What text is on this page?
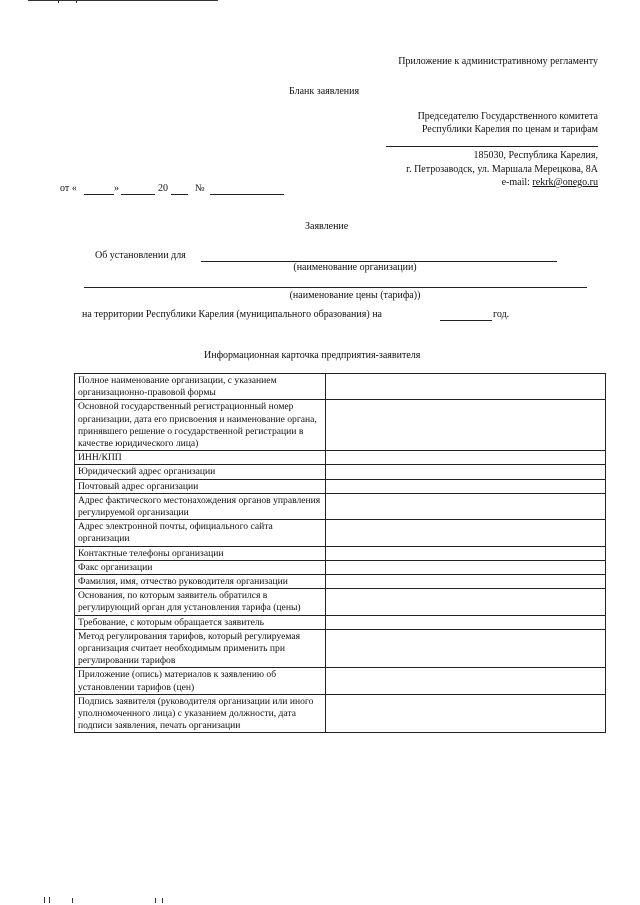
Приложение к административному регламенту
Бланк заявления
Председателю Государственного комитета
Республики Карелия по ценам и тарифам
185030, Республика Карелия,
г. Петрозаводск, ул. Маршала Мерецкова, 8А
e-mail: rekrk@onego.ru
от «	»	20	№
Заявление
Об установлении для
(наименование организации)
(наименование цены (тарифа))
на территории Республики Карелия (муниципального образования) на	год.
Информационная карточка предприятия-заявителя
Полное наименование организации, с указанием организационно-правовой формы	
Основной государственный регистрационный номер организации, дата его присвоения и наименование органа, принявшего решение о государственной регистрации в качестве юридического лица)	
ИНН/КПП	
Юридический адрес организации	
Почтовый адрес организации	
Адрес фактического местонахождения органов управления регулируемой организации	
Адрес электронной почты, официального сайта организации	
Контактные телефоны организации	
Факс организации	
Фамилия, имя, отчество руководителя организации	
Основания, по которым заявитель обратился в регулирующий орган для установления тарифа (цены)	
Требование, с которым обращается заявитель	
Метод регулирования тарифов, который регулируемая организация считает необходимым применить при регулировании тарифов	
Приложение (опись) материалов к заявлению об установлении тарифов (цен)	
Подпись заявителя (руководителя организации или иного уполномоченного лица) с указанием должности, дата подписи заявления, печать организации	
